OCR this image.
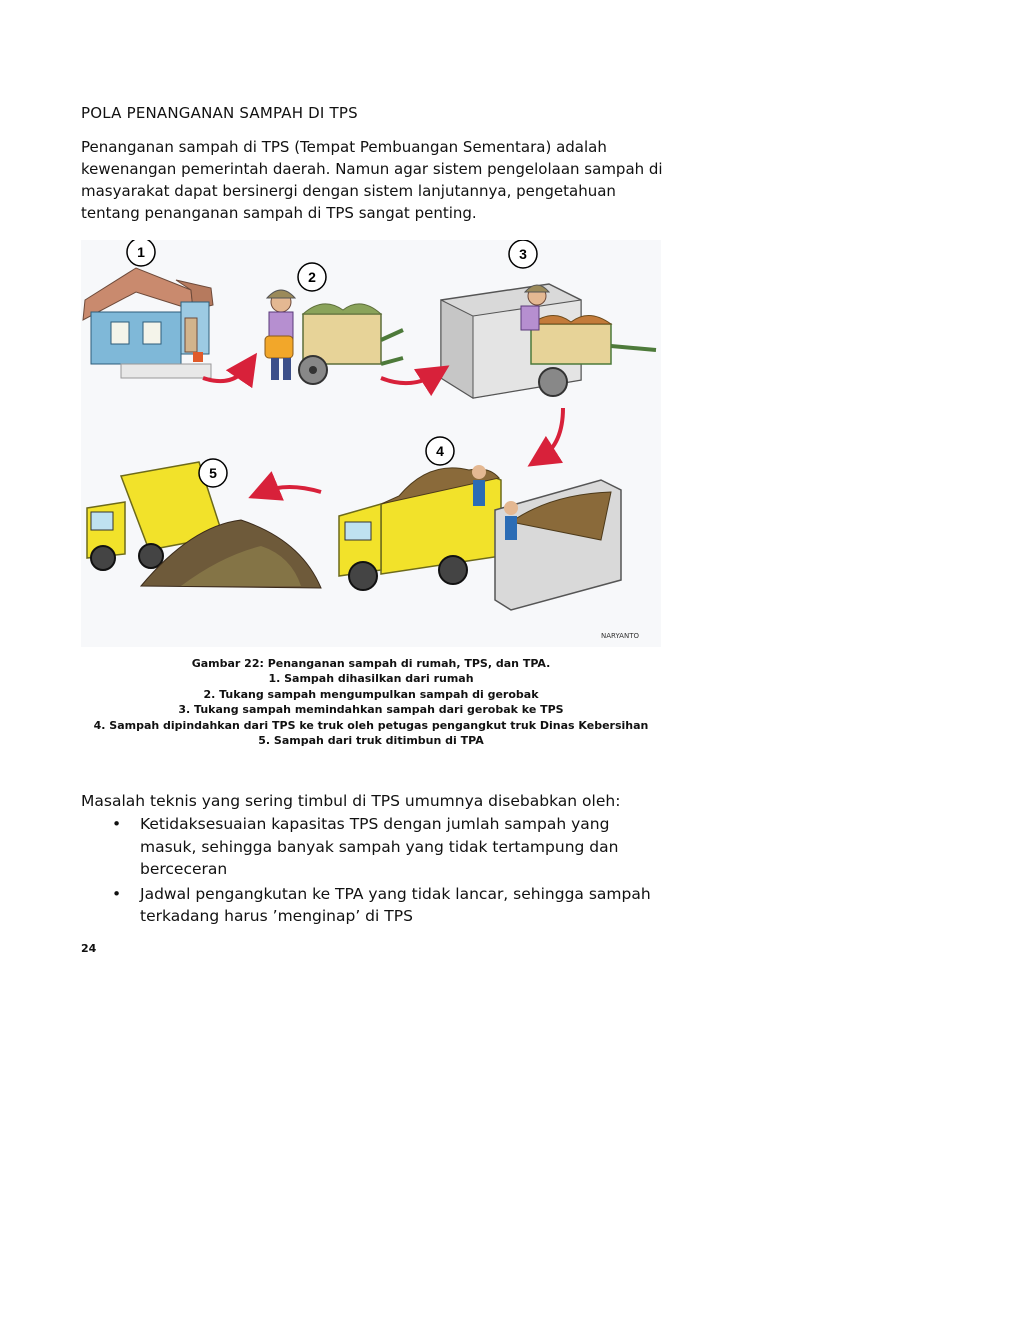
POLA PENANGANAN SAMPAH DI TPS

Penanganan sampah di TPS (Tempat Pembuangan Sementara) adalah kewenangan pemerintah daerah. Namun agar sistem pengelolaan sampah di masyarakat dapat bersinergi dengan sistem lanjutannya, pengetahuan tentang penanganan sampah di TPS sangat penting.

1
2
3
4
5
NARYANTO
Gambar 22: Penanganan sampah di rumah, TPS, dan TPA.
1. Sampah dihasilkan dari rumah
2. Tukang sampah mengumpulkan sampah di gerobak
3. Tukang sampah memindahkan sampah dari gerobak ke TPS
4. Sampah dipindahkan dari TPS ke truk oleh petugas pengangkut truk Dinas Kebersihan
5. Sampah dari truk ditimbun di TPA

Masalah teknis yang sering timbul di TPS umumnya disebabkan oleh:

• Ketidaksesuaian kapasitas TPS dengan jumlah sampah yang masuk, sehingga banyak sampah yang tidak tertampung dan berceceran
• Jadwal pengangkutan ke TPA yang tidak lancar, sehingga sampah terkadang harus ’menginap’ di TPS
24
